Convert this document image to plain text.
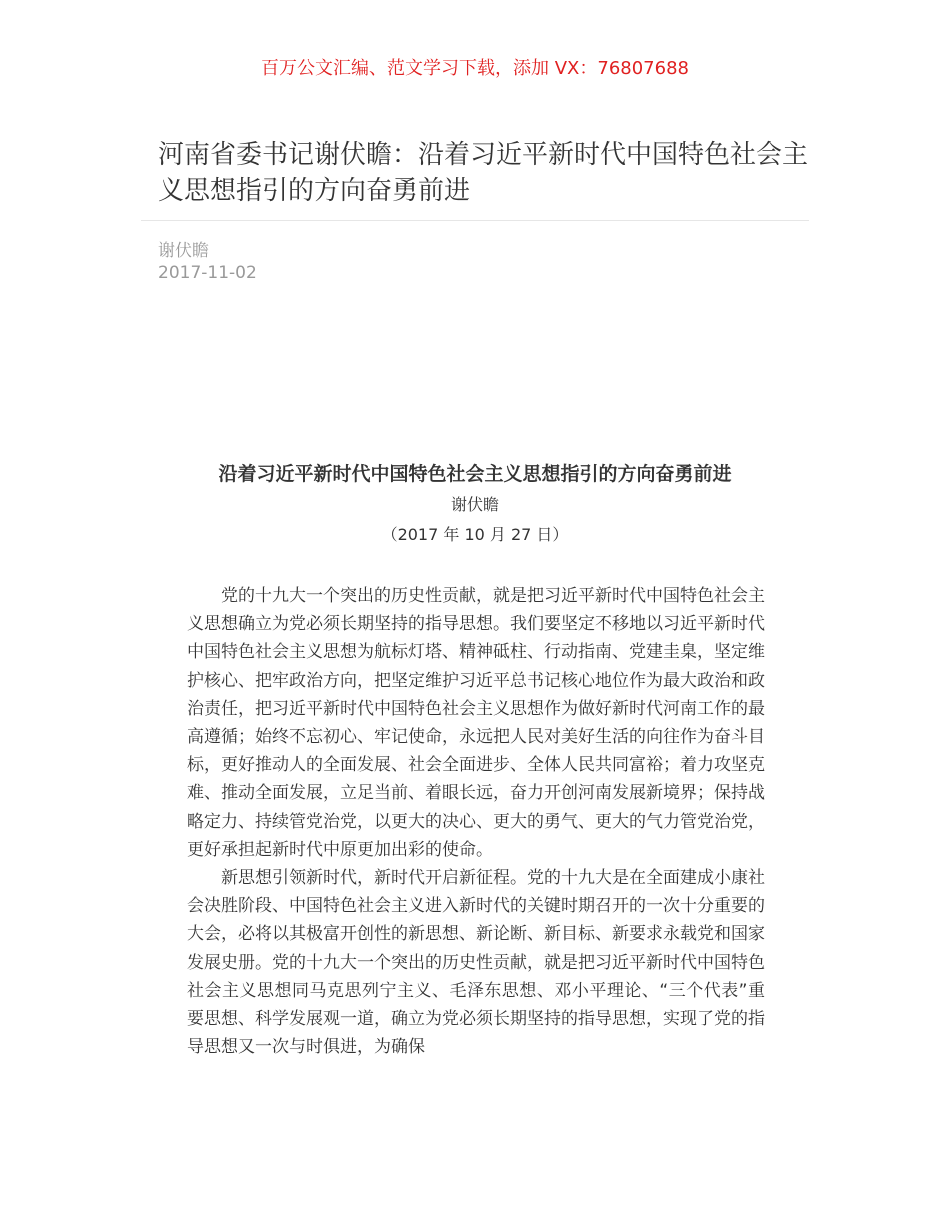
百万公文汇编、范文学习下载，添加 VX：76807688
河南省委书记谢伏瞻：沿着习近平新时代中国特色社会主义思想指引的方向奋勇前进
谢伏瞻
2017-11-02
沿着习近平新时代中国特色社会主义思想指引的方向奋勇前进
谢伏瞻
（2017 年 10 月 27 日）

党的十九大一个突出的历史性贡献，就是把习近平新时代中国特色社会主义思想确立为党必须长期坚持的指导思想。我们要坚定不移地以习近平新时代中国特色社会主义思想为航标灯塔、精神砥柱、行动指南、党建圭臬，坚定维护核心、把牢政治方向，把坚定维护习近平总书记核心地位作为最大政治和政治责任，把习近平新时代中国特色社会主义思想作为做好新时代河南工作的最高遵循；始终不忘初心、牢记使命，永远把人民对美好生活的向往作为奋斗目标，更好推动人的全面发展、社会全面进步、全体人民共同富裕；着力攻坚克难、推动全面发展，立足当前、着眼长远，奋力开创河南发展新境界；保持战略定力、持续管党治党，以更大的决心、更大的勇气、更大的气力管党治党，更好承担起新时代中原更加出彩的使命。

新思想引领新时代，新时代开启新征程。党的十九大是在全面建成小康社会决胜阶段、中国特色社会主义进入新时代的关键时期召开的一次十分重要的大会，必将以其极富开创性的新思想、新论断、新目标、新要求永载党和国家发展史册。党的十九大一个突出的历史性贡献，就是把习近平新时代中国特色社会主义思想同马克思列宁主义、毛泽东思想、邓小平理论、“三个代表”重要思想、科学发展观一道，确立为党必须长期坚持的指导思想，实现了党的指导思想又一次与时俱进，为确保
